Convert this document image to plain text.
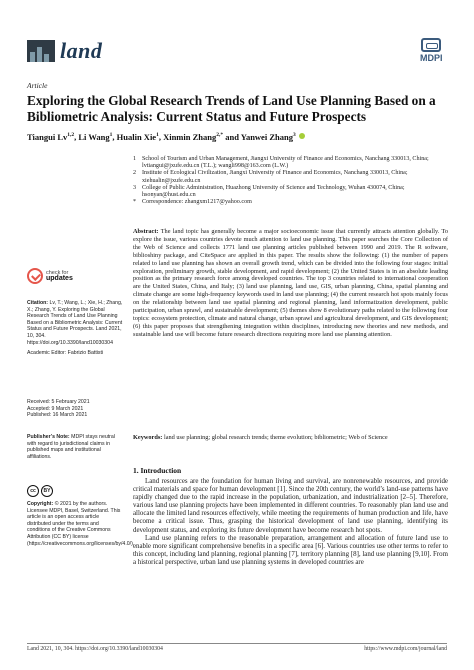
land	MDPI
Article
Exploring the Global Research Trends of Land Use Planning Based on a Bibliometric Analysis: Current Status and Future Prospects
Tiangui Lv$^{1,2}$, Li Wang$^1$, Hualin Xie$^1$, Xinmin Zhang$^{2,*}$ and Yanwei Zhang$^3$
1 School of Tourism and Urban Management, Jiangxi University of Finance and Economics, Nanchang 330013, China; lvtiangui@jxufe.edu.cn (T.L.); wangli998@163.com (L.W.)
2 Institute of Ecological Civilization, Jiangxi University of Finance and Economics, Nanchang 330013, China; xiehualin@jxufe.edu.cn
3 College of Public Administration, Huazhong University of Science and Technology, Wuhan 430074, China; hsonyan@hust.edu.cn
* Correspondence: zhangxm1217@yahoo.com
Abstract: The land topic has generally become a major socioeconomic issue that currently attracts attention globally. To explore the issue, various countries devote much attention to land use planning. This paper searches the Core Collection of the Web of Science and collects 1771 land use planning articles published between 1990 and 2019. The R software, biblioshiny package, and CiteSpace are applied in this paper. The results show the following: (1) the number of papers related to land use planning has shown an overall growth trend, which can be divided into the following four stages: initial exploration, preliminary growth, stable development, and rapid development; (2) the United States is in an absolute leading position as the primary research force among developed countries. The top 3 countries related to international cooperation are the United States, China, and Italy; (3) land use planning, land use, GIS, urban planning, China, spatial planning and climate change are some high-frequency keywords used in land use planning; (4) the current research hot spots mainly focus on the relationship between land use spatial planning and regional planning, land informatization development, public participation, urban sprawl, and sustainable development; (5) themes show 8 evolutionary paths related to the following four topics: ecosystem protection, climate and natural change, urban sprawl and agricultural development, and GIS development; (6) this paper proposes that strengthening integration within disciplines, introducing new theories and new methods, and sustainable land use will become future research directions requiring more land use planning attention.
Keywords: land use planning; global research trends; theme evolution; bibliometric; Web of Science
check for
updates
Citation: Lv, T.; Wang, L.; Xie, H.; Zhang, X.; Zhang, Y. Exploring the Global Research Trends of Land Use Planning Based on a Bibliometric Analysis: Current Status and Future Prospects. Land 2021, 10, 304. https://doi.org/10.3390/land10030304
Academic Editor: Fabrizio Battisti
Received: 5 February 2021
Accepted: 9 March 2021
Published: 16 March 2021
Publisher’s Note: MDPI stays neutral with regard to jurisdictional claims in published maps and institutional affiliations.
cc	BY
Copyright: © 2021 by the authors. Licensee MDPI, Basel, Switzerland. This article is an open access article distributed under the terms and conditions of the Creative Commons Attribution (CC BY) license (https://creativecommons.org/licenses/by/4.0/).
1. Introduction

Land resources are the foundation for human living and survival, are nonrenewable resources, and provide critical materials and space for human development [1]. Since the 20th century, the world’s land-use patterns have rapidly changed due to the rapid increase in the population, urbanization, and industrialization [2–5]. Therefore, various land use planning projects have been implemented in different countries. To reasonably plan land use and allocate the limited land resources effectively, while meeting the requirements of human production and life, have become a critical issue. Thus, grasping the historical development of land use planning, identifying its development status, and exploring its future development have become research hot spots.

Land use planning refers to the reasonable preparation, arrangement and allocation of future land use to enable more significant comprehensive benefits in a specific area [6]. Various countries use other terms to refer to this concept, including land planning, regional planning [7], territory planning [8], land use planning [9,10]. From a historical perspective, urban land use planning systems in developed countries are

Land 2021, 10, 304. https://doi.org/10.3390/land10030304	https://www.mdpi.com/journal/land
